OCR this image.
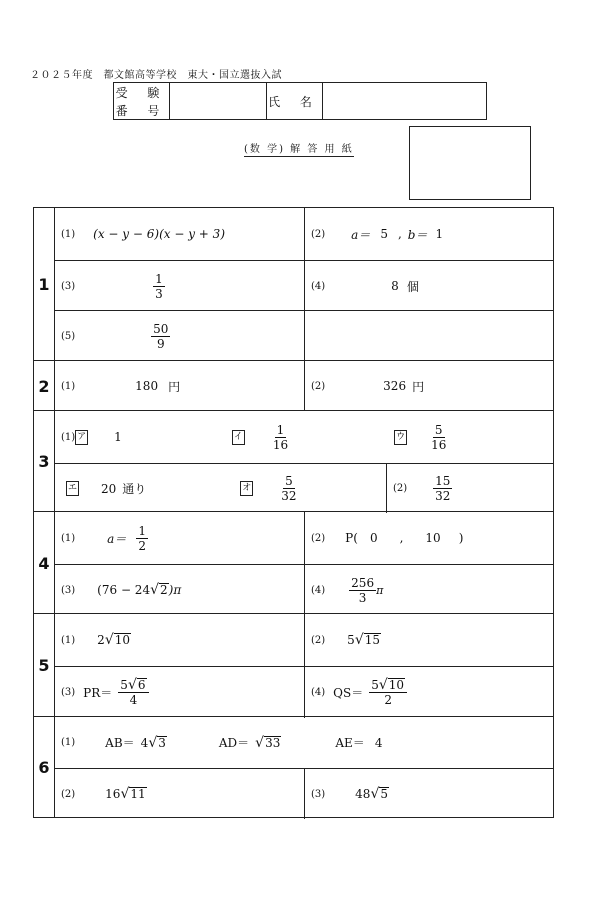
２０２５年度　都文館高等学校　東大・国立選抜入試
受 験
番 号
氏 名
(数 学) 解 答 用 紙
1
(1) (x − y − 6)(x − y + 3)	(2) a＝ 5 , b＝ 1
(3)	$\frac{1}{3}$	(4)	8 個
(5)	$\frac{50}{9}$
2	(1)	180 円	(2)	326 円
3
(1) ア 1	イ $\frac{1}{16}$	ウ $\frac{5}{16}$
エ 20 通り	オ $\frac{5}{32}$	$(2) \frac{15}{32}$
4
(1)	$a= \frac{1}{2}$	(2) P( 0 , 10 )
(3) (76 − 24 √ 2 )π	$(4) \frac{256}{3}$ π
5
(1) 2 √ 10	(2) 5 √ 15
(3) $PR= \frac{5 √ 6}{4}$	(4) $QS= \frac{5 √ 10}{2}$
6
(1)	AB＝ 4 √ 3	AD＝ √ 33	AE＝ 4
(2)	16 √ 11	(3)	48 √ 5
